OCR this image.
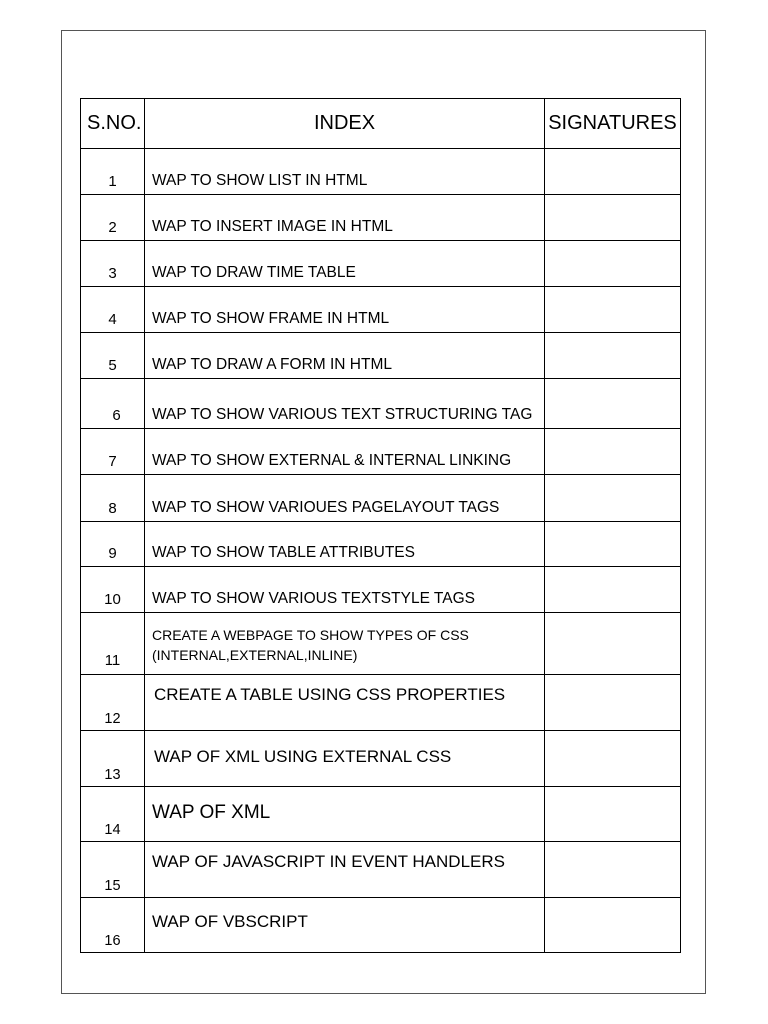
S.NO.	INDEX	SIGNATURES
1	WAP TO SHOW LIST IN HTML	
2	WAP TO INSERT IMAGE IN HTML	
3	WAP TO DRAW TIME TABLE	
4	WAP TO SHOW FRAME IN HTML	
5	WAP TO DRAW A FORM IN HTML	
6	WAP TO SHOW VARIOUS TEXT STRUCTURING TAG	
7	WAP TO SHOW EXTERNAL & INTERNAL LINKING	
8	WAP TO SHOW VARIOUES PAGELAYOUT TAGS	
9	WAP TO SHOW TABLE ATTRIBUTES	
10	WAP TO SHOW VARIOUS TEXTSTYLE TAGS	
11	CREATE A WEBPAGE TO SHOW TYPES OF CSS
(INTERNAL,EXTERNAL,INLINE)	

12	CREATE A TABLE USING CSS PROPERTIES	
13	WAP OF XML USING EXTERNAL CSS	
14	WAP OF XML	
15	WAP OF JAVASCRIPT IN EVENT HANDLERS	
16	WAP OF VBSCRIPT	
